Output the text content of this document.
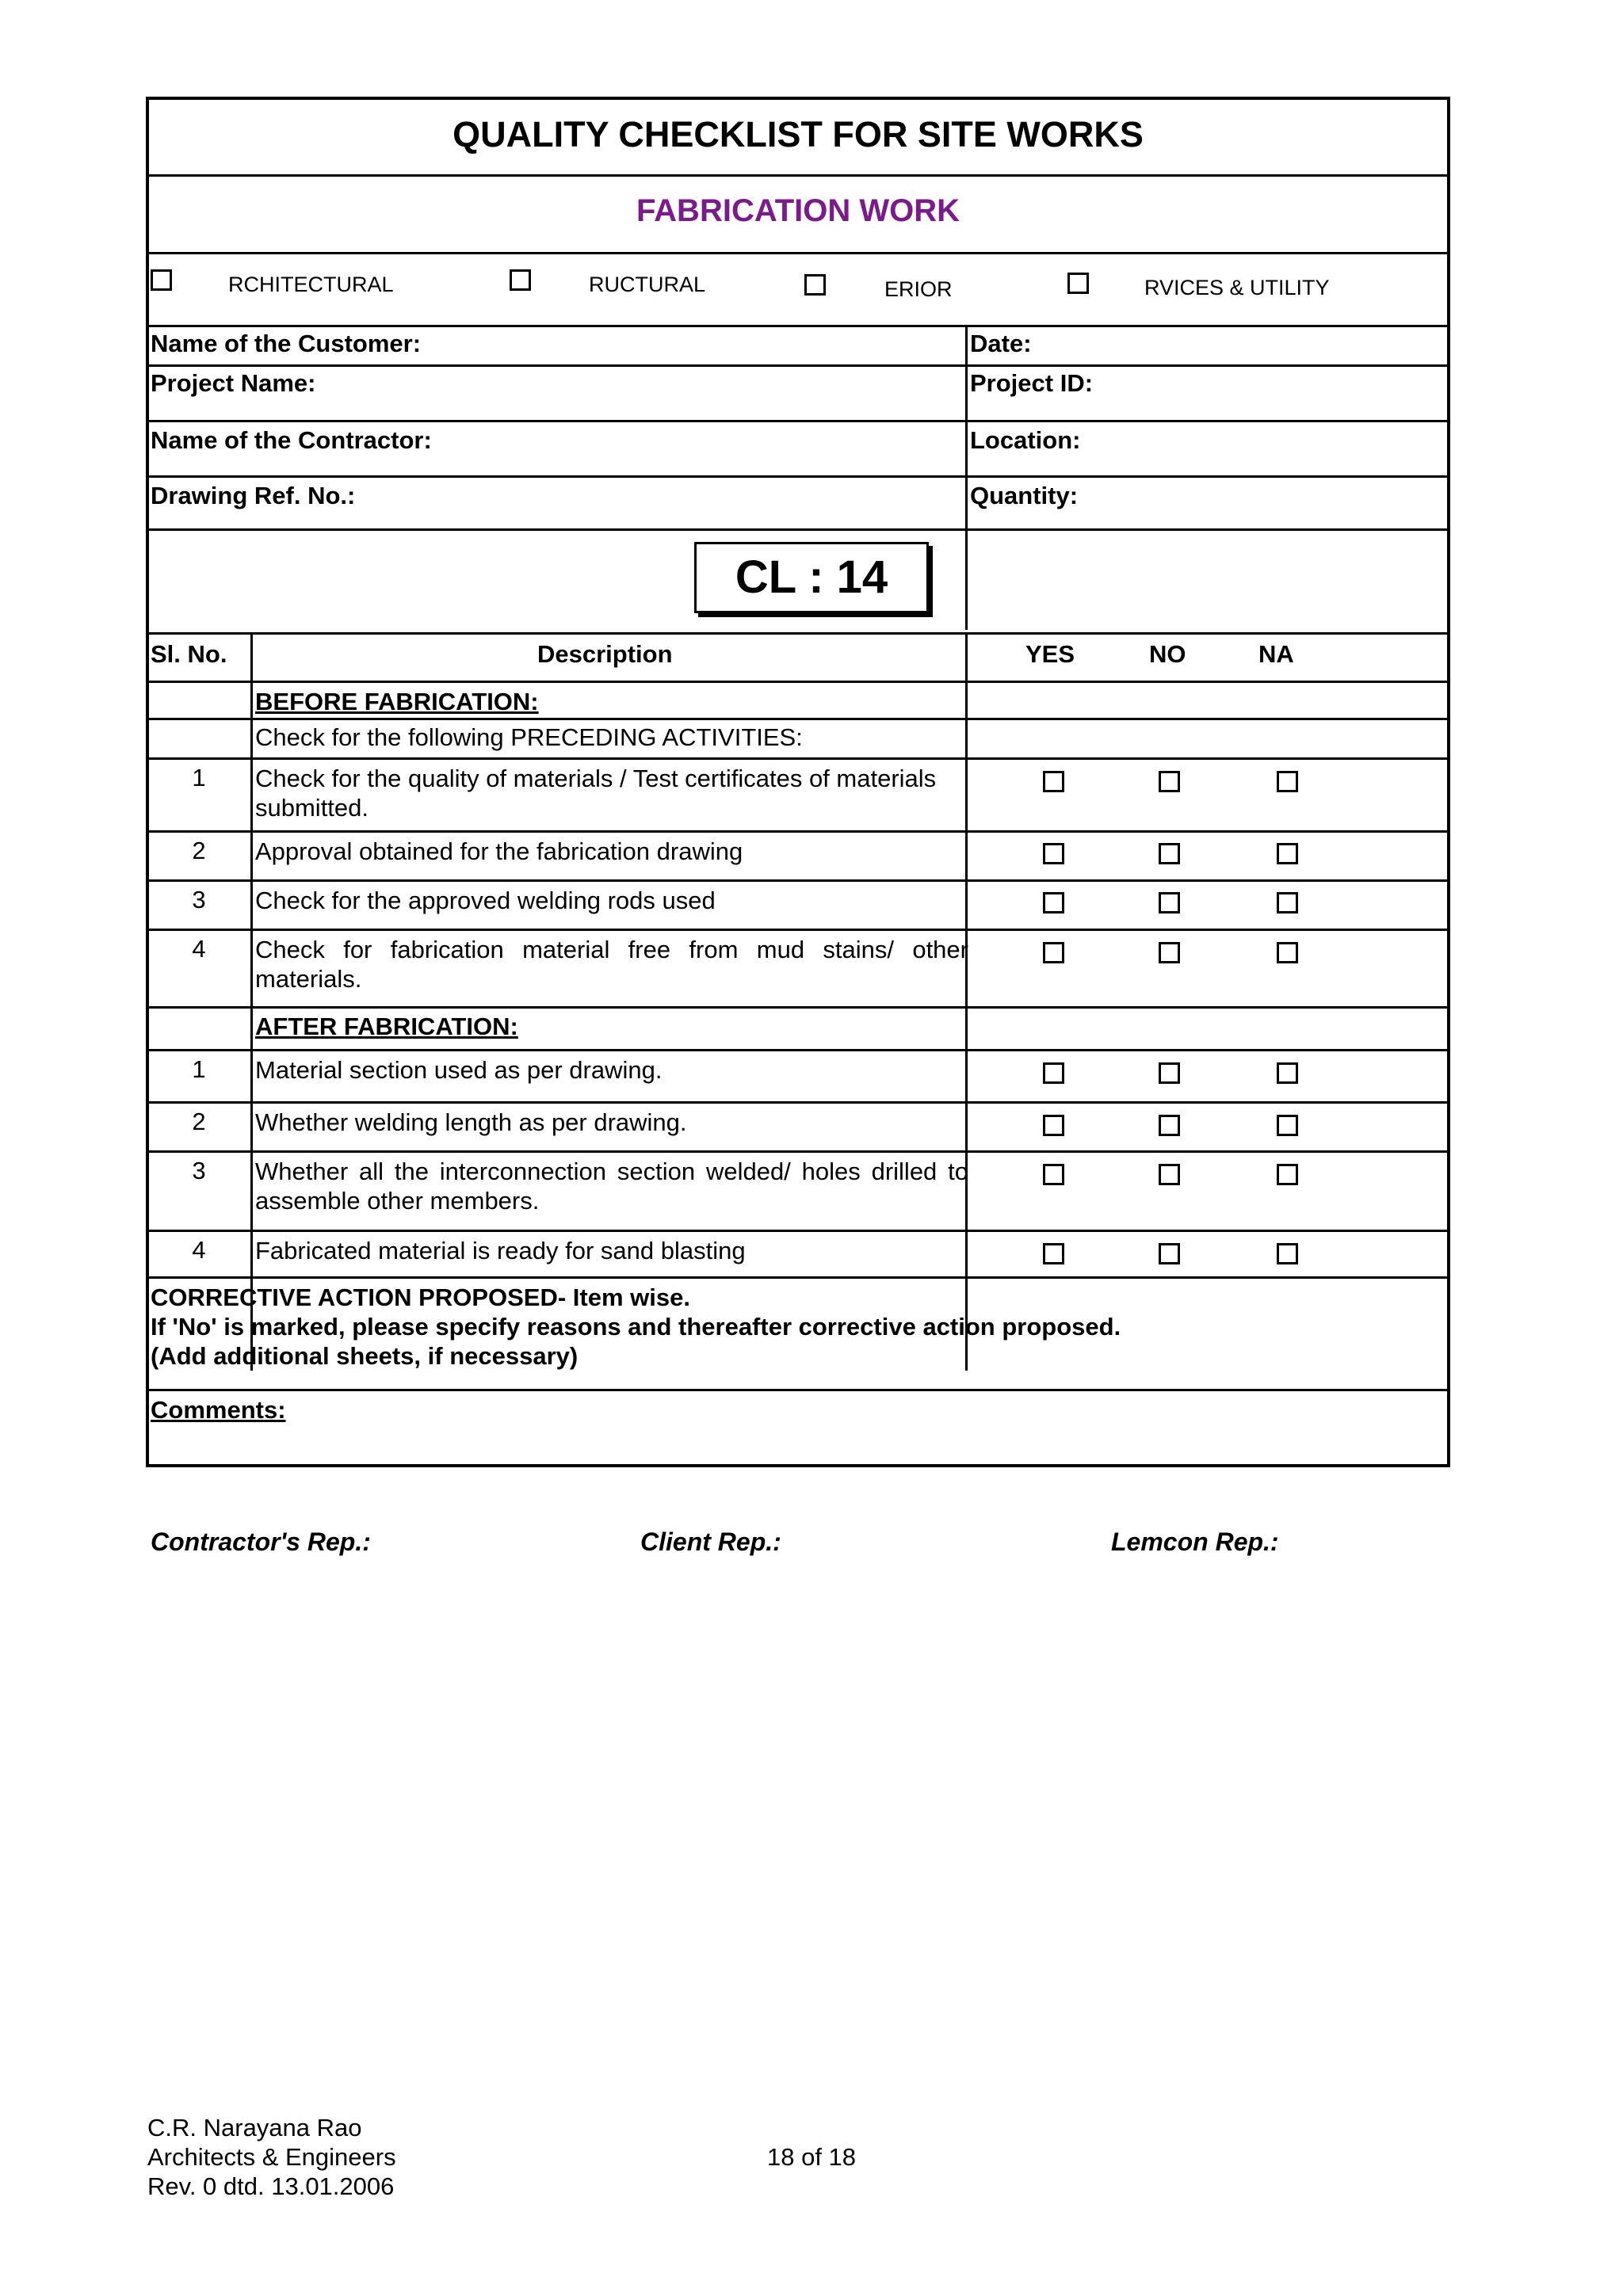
QUALITY CHECKLIST FOR SITE WORKS
FABRICATION WORK
RCHITECTURAL	RUCTURAL	ERIOR	RVICES & UTILITY
Name of the Customer:	Date:
Project Name:	Project ID:
Name of the Contractor:	Location:
Drawing Ref. No.:	Quantity:
CL : 14
Sl. No.	Description	YES	NO	NA
BEFORE FABRICATION:
Check for the following PRECEDING ACTIVITIES:
1	Check for the quality of materials / Test certificates of materials submitted.
2	Approval obtained for the fabrication drawing
3	Check for the approved welding rods used
4	Check for fabrication material free from mud stains/ other materials.
AFTER FABRICATION:
1	Material section used as per drawing.
2	Whether welding length as per drawing.
3	Whether all the interconnection section welded/ holes drilled to assemble other members.
4	Fabricated material is ready for sand blasting
CORRECTIVE ACTION PROPOSED- Item wise.
If 'No' is marked, please specify reasons and thereafter corrective action proposed.
(Add additional sheets, if necessary)
Comments:
Contractor's Rep.:	Client Rep.:	Lemcon Rep.:
C.R. Narayana Rao
Architects & Engineers
Rev. 0 dtd. 13.01.2006
18 of 18
